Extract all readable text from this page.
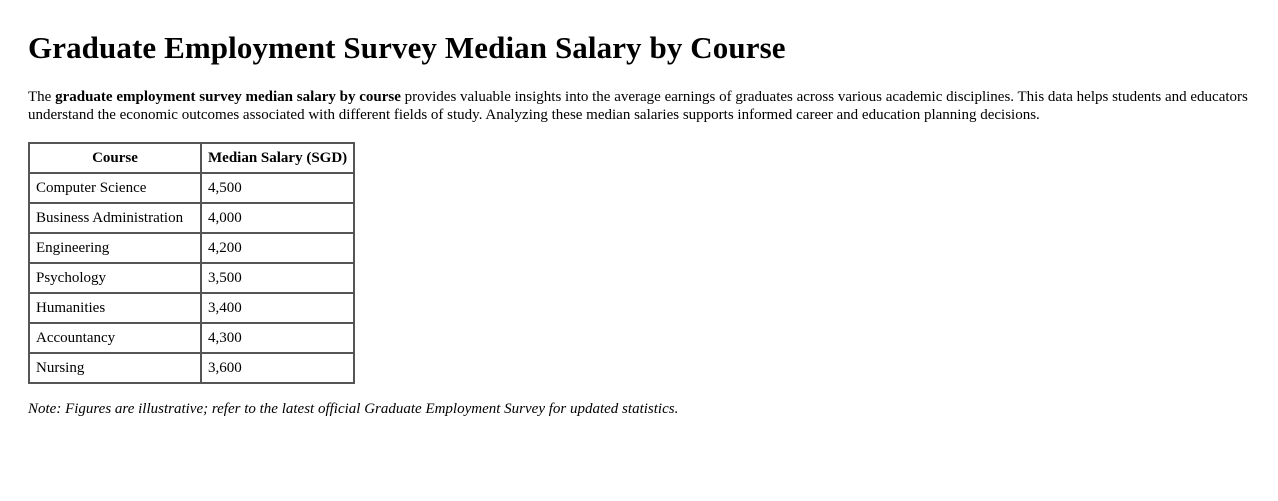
Graduate Employment Survey Median Salary by Course

The graduate employment survey median salary by course provides valuable insights into the average earnings of graduates across various academic disciplines. This data helps students and educators understand the economic outcomes associated with different fields of study. Analyzing these median salaries supports informed career and education planning decisions.

Course	Median Salary (SGD)
Computer Science	4,500
Business Administration	4,000
Engineering	4,200
Psychology	3,500
Humanities	3,400
Accountancy	4,300
Nursing	3,600

Note: Figures are illustrative; refer to the latest official Graduate Employment Survey for updated statistics.
